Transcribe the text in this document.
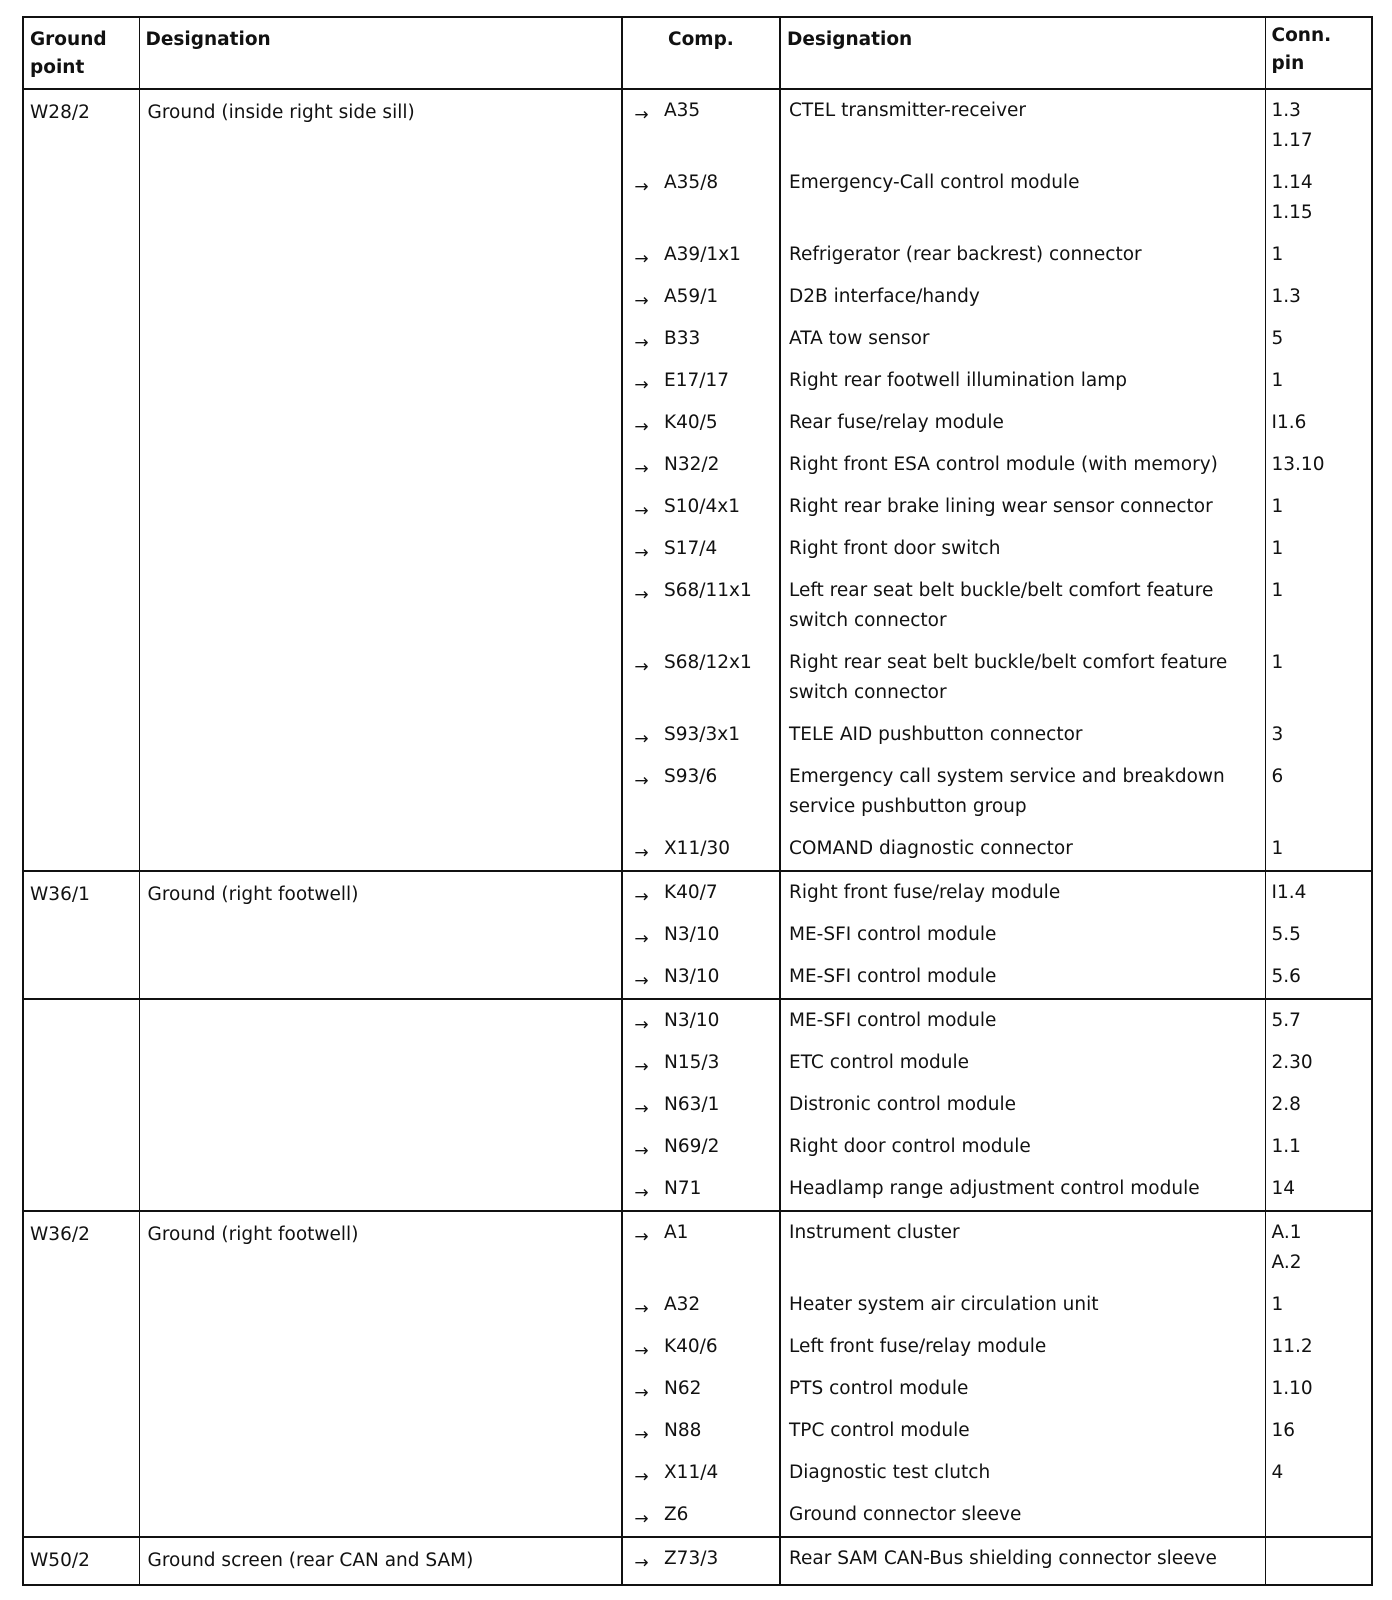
Ground point	Designation		Comp.	Designation	Conn. pin
W28/2	Ground (inside right side sill)	→	A35	CTEL transmitter-receiver	1.3
1.17
		→	A35/8	Emergency-Call control module	1.14
1.15
		→	A39/1x1	Refrigerator (rear backrest) connector	1
		→	A59/1	D2B interface/handy	1.3
		→	B33	ATA tow sensor	5
		→	E17/17	Right rear footwell illumination lamp	1
		→	K40/5	Rear fuse/relay module	I1.6
		→	N32/2	Right front ESA control module (with memory)	13.10
		→	S10/4x1	Right rear brake lining wear sensor connector	1
		→	S17/4	Right front door switch	1
		→	S68/11x1	Left rear seat belt buckle/belt comfort feature switch connector	1
		→	S68/12x1	Right rear seat belt buckle/belt comfort feature switch connector	1
		→	S93/3x1	TELE AID pushbutton connector	3
		→	S93/6	Emergency call system service and breakdown service pushbutton group	6
		→	X11/30	COMAND diagnostic connector	1
W36/1	Ground (right footwell)	→	K40/7	Right front fuse/relay module	I1.4
		→	N3/10	ME-SFI control module	5.5
		→	N3/10	ME-SFI control module	5.6
		→	N3/10	ME-SFI control module	5.7
		→	N15/3	ETC control module	2.30
		→	N63/1	Distronic control module	2.8
		→	N69/2	Right door control module	1.1
		→	N71	Headlamp range adjustment control module	14
W36/2	Ground (right footwell)	→	A1	Instrument cluster	A.1
A.2
		→	A32	Heater system air circulation unit	1
		→	K40/6	Left front fuse/relay module	11.2
		→	N62	PTS control module	1.10
		→	N88	TPC control module	16
		→	X11/4	Diagnostic test clutch	4
		→	Z6	Ground connector sleeve	
W50/2	Ground screen (rear CAN and SAM)	→	Z73/3	Rear SAM CAN-Bus shielding connector sleeve	
